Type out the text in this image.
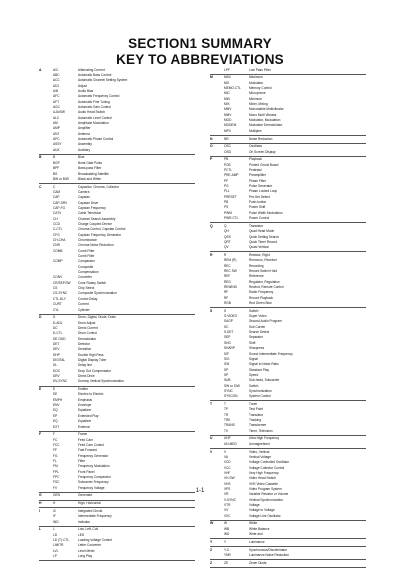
SECTION1 SUMMARY
KEY TO ABBREVIATIONS
A	A/C	Alternating Current
ABC	Automatic Bass Control
ACC	Automatic Channel Setting System
ADJ	Adjust
A/B	Audio Bias
AFC	Automatic Frequency Control
AFT	Automatic Fine Tuning
AGC	Automatic Gain Control
AJA/SW	Audio Head Switch
ALC	Automatic Level Control
AM	Amplitude Modulation
AMP	Amplifier
ANT	Antenna
APC	Automatic Phase Control
ASSY	Assembly
AUX	Auxiliary
B	B	Blue
BGP	Burst Gate Pulse
BPF	Band-pass Filter
BS	Broadcasting Satellite
BW or B/W	Black and White
C	C	Capacitor, Chroma, Collector
CAM	Camera
CAP	Capstan
CAP-DRV	Capstan Drive
CAP-FG	Capstan Frequency
CATV	Cable Television
CH	Channel Search Assembly
CCD	Charge Coupled Device
C-CTL	Chroma Control, Capstan Control
CFG	Capstan Frequency Generator
CH-CHA	Chrominance
CNR	Chroma Noise Reduction
COMB	Comb Filter
Comb Filter
COMP	Comparator
Composite
Compensation
CONV	Converter
CR/SEP.SW	Color Rotary Switch
CS	Chip Select
CS-SYNC	Composite Synchronization
CTL.DLY	Control Delay
CURT	Current
CYL	Cylinder
D	D	Drum, Digital, Diode, Drain
D-ADJ	Drum Adjust
DC	Direct Current
D-CTL	Drum Control
DE-ODD	Demodulator
DET	Detector
DEV	Deviation
DHP	Double High Pass
DIGITAL	Digital Display Tube
DL	Delay line
DOC	Drop Out Compensator
DRV	Direct Drive
DV-SYNC	Dummy Vertical Synchronization
E	E	Emitter
EE	Electric to Electric
EMPH	Emphasis
ENV	Envelope
EQ	Equalizer
EP	Extended Play
EQ	Equalizer
EXT	External
F	F	Frame
FC	Feed Cam
FCC	Feed Cam Control
FF	Fast Forward
FG	Frequency Generator
FL	Filter
FM	Frequency Modulation
FPL	Front Panel
FPC	Frequency Comparator
FSC	Subcarrier Frequency
FV	Frequency Voltage
G	GEN	Generator
H	H	High, Horizontal
I	IC	Integrated Circuit
IF	Intermediate Frequency
IND	Indicator
L	L	Low, Left, Coil
LD	LED
LD (T)-CTL	Loading Voltage Control
LIMITR	Letter Converter
LVL	Level Meter
LP	Long Play
LPF	Low Pass Filter
M	MAX	Maximum
MD	Modulator
MEMO.CTL	Memory Control
MIC	Microphone
MIN	Minimum
MIX	Mixer, Mixing
MMV	Monostable Multivibrator
MMV	Mono Multi Vibrator
MOD	Modulator, Modulation
MODEM	Modulator Demodulator
MPX	Multiplex
N	NR	Noise Reduction
O	OSC	Oscillator
OSD	On Screen Display
P	PB	Playback
PCB	Printed Circuit Board
PCTL	Pedestal
PRE-AMP	Preamplifier
PF	Phase Filter
PG	Pulse Generator
PLL	Phase Locked Loop
PRESET	Pre-Set Detect
PB	Push-button
PS	Power Shift
PWM	Pulse Width Modulation
PWR.CTL	Power Control
Q	Q	Transistor
QH	Quad Head Mode
QSS	Quick Setting Search
QRT	Quick Timer Record
QV	Quasi Vertical
R	R	Resistor, Right
REM (R)	Remocon, Receiver
REC	Recording
REC SW	Record Switch Hold
REF	Reference
REG	Regulator, Regulation
REWIND	Rewind, Remote Control
RF	Radio Frequency
RF	Record Playback
RGB	Red Green Blue
S	S	Switch
S-VIDEO	Super Video
SAGP	Second Audio Program
SC	Sub Carrier
S.DET	Search Detect
SEP	Separator
SHG	Shift
SHARP	Sharpness
SIF	Sound Intermediate Frequency
SIG	Signal
S/N	Signal to Noise Ratio
SP	Standard Play
SP	Speed
SUB	Sub-head, Subcarrier
SW or S/W	Switch
SYNC	Synchronization
SYSCON	System Control
T	T	Tuner
TP	Test Point
TR	Transistor
TRK	Tracking
TRANS	Transformer
TV	Timer, Television
U	UHF	Ultra High Frequency
UN-MED	Unmagnetized
V	V	Video, Vertical
VA	Vertical Voltage
VCD	Voltage Controlled Oscillator
VCC	Voltage Collector Control
VHF	Very High Frequency
VH-SW	Video Head Switch
VHS	VHS Video Cassette
VPS	Video Program System
VR	Variable Resistor or Volume
V-SYNC	Vertical Synchronization
VTR	Voltage
VV	Voltage to Voltage
VXC	Voltage Line Oscillator
W	W	White
WB	White Balance
WD	Write and
Y	Y	Luminance
Z	Y-C	Synchronous/Discriminator
YNR	Luminance Noise Reduction
Z	ZE	Zener Diode
1-1
